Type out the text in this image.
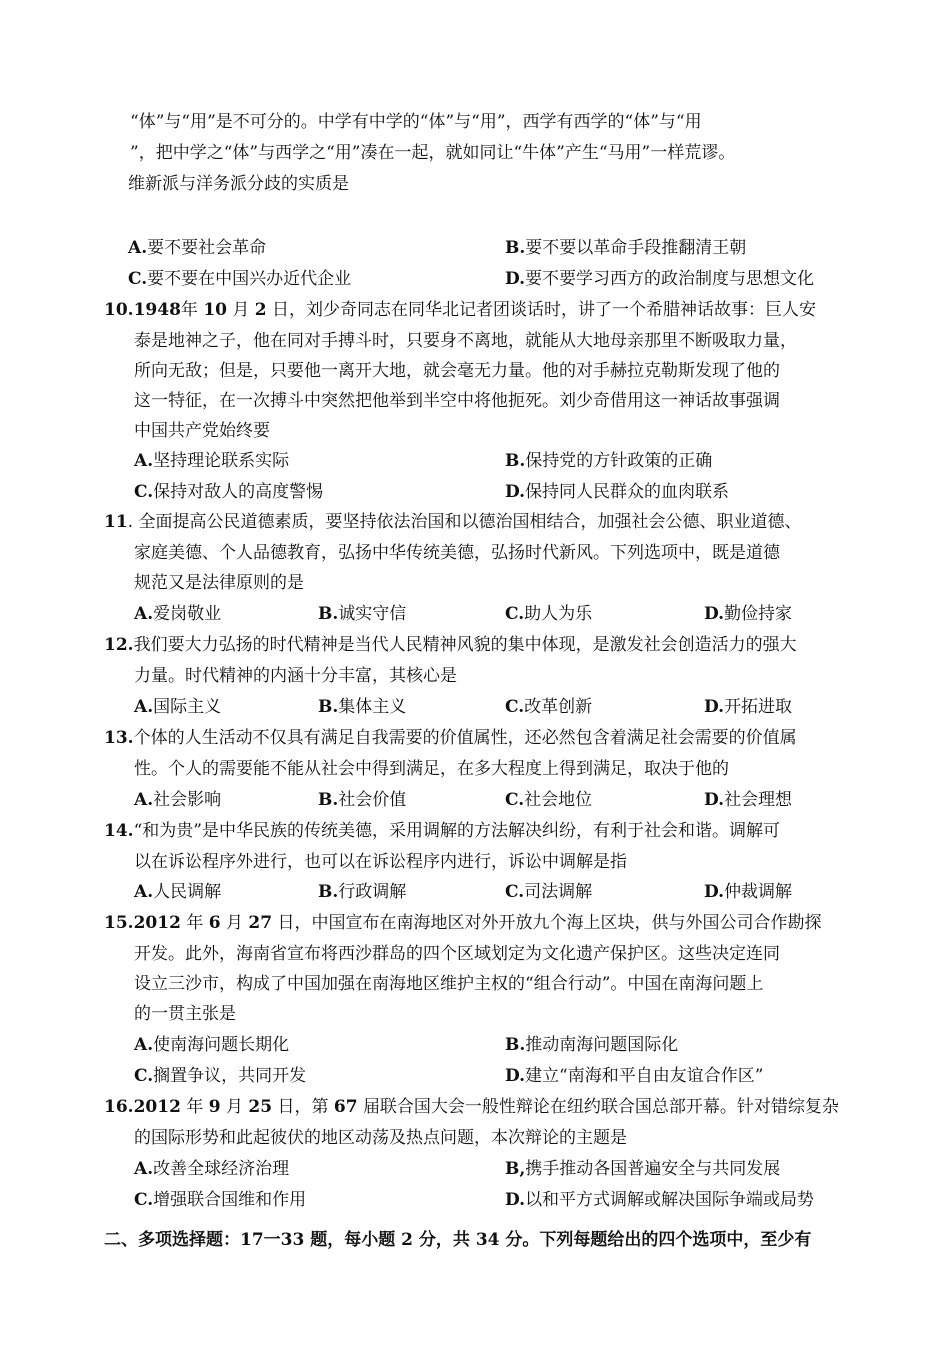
“体”与“用”是不可分的。中学有中学的“体”与“用”，西学有西学的“体”与“用
”，把中学之“体”与西学之“用”凑在一起，就如同让“牛体”产生“马用”一样荒谬。
维新派与洋务派分歧的实质是
A.要不要社会革命	B.要不要以革命手段推翻清王朝
C.要不要在中国兴办近代企业	D.要不要学习西方的政治制度与思想文化
10.1948年 10 月 2 日，刘少奇同志在同华北记者团谈话时，讲了一个希腊神话故事：巨人安
泰是地神之子，他在同对手搏斗时，只要身不离地，就能从大地母亲那里不断吸取力量，
所向无敌；但是，只要他一离开大地，就会毫无力量。他的对手赫拉克勒斯发现了他的
这一特征，在一次搏斗中突然把他举到半空中将他扼死。刘少奇借用这一神话故事强调
中国共产党始终要
A.坚持理论联系实际	B.保持党的方针政策的正确
C.保持对敌人的高度警惕	D.保持同人民群众的血肉联系
11. 全面提高公民道德素质，要坚持依法治国和以德治国相结合，加强社会公德、职业道德、
家庭美德、个人品德教育，弘扬中华传统美德，弘扬时代新风。下列选项中，既是道德
规范又是法律原则的是
A.爱岗敬业	B.诚实守信	C.助人为乐	D.勤俭持家
12.我们要大力弘扬的时代精神是当代人民精神风貌的集中体现，是激发社会创造活力的强大
力量。时代精神的内涵十分丰富，其核心是
A.国际主义	B.集体主义	C.改革创新	D.开拓进取
13.个体的人生活动不仅具有满足自我需要的价值属性，还必然包含着满足社会需要的价值属
性。个人的需要能不能从社会中得到满足，在多大程度上得到满足，取决于他的
A.社会影响	B.社会价值	C.社会地位	D.社会理想
14.“和为贵”是中华民族的传统美德，采用调解的方法解决纠纷，有利于社会和谐。调解可
以在诉讼程序外进行，也可以在诉讼程序内进行，诉讼中调解是指
A.人民调解	B.行政调解	C.司法调解	D.仲裁调解
15.2012 年 6 月 27 日，中国宣布在南海地区对外开放九个海上区块，供与外国公司合作勘探
开发。此外，海南省宣布将西沙群岛的四个区域划定为文化遗产保护区。这些决定连同
设立三沙市，构成了中国加强在南海地区维护主权的“组合行动”。中国在南海问题上
的一贯主张是
A.使南海问题长期化	B.推动南海问题国际化
C.搁置争议，共同开发	D.建立“南海和平自由友谊合作区”
16.2012 年 9 月 25 日，第 67 届联合国大会一般性辩论在纽约联合国总部开幕。针对错综复杂
的国际形势和此起彼伏的地区动荡及热点问题，本次辩论的主题是
A.改善全球经济治理	B,携手推动各国普遍安全与共同发展
C.增强联合国维和作用	D.以和平方式调解或解决国际争端或局势
二、多项选择题：17一33 题，每小题 2 分，共 34 分。下列每题给出的四个选项中，至少有
